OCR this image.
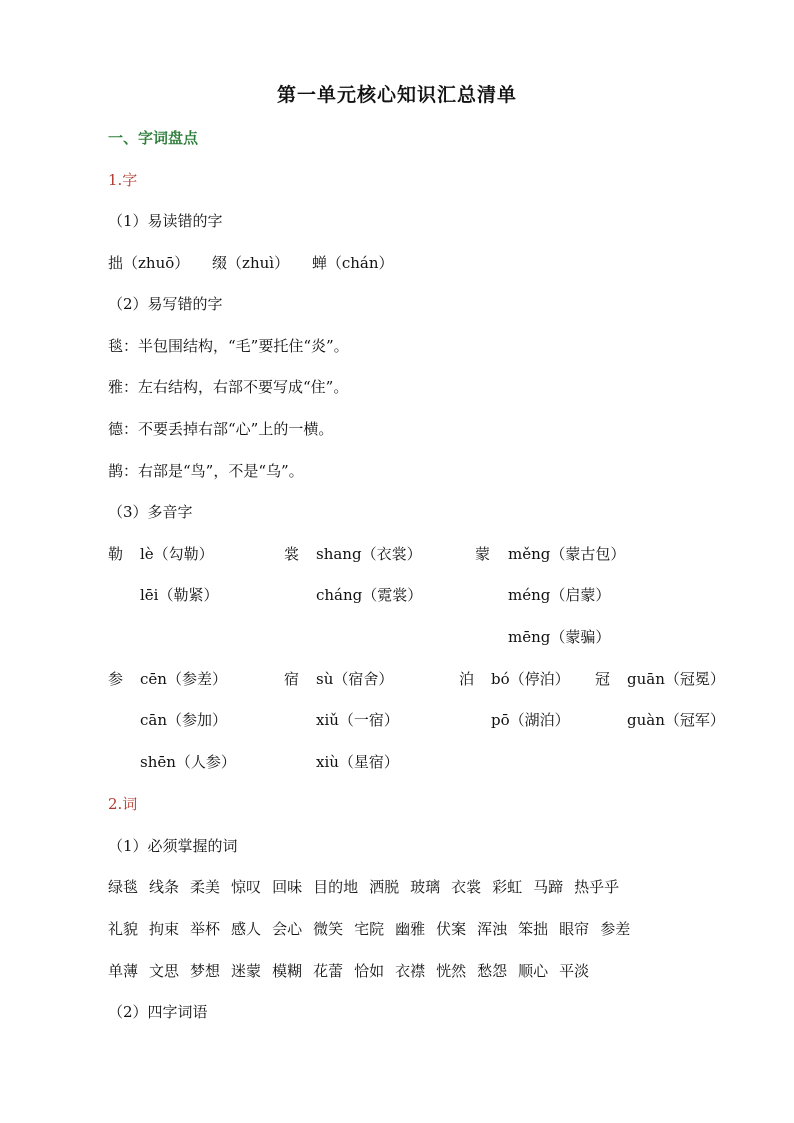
第一单元核心知识汇总清单
一、字词盘点
1.字
（1）易读错的字
拙（zhuō） 缀（zhuì） 蝉（chán）
（2）易写错的字
毯：半包围结构，“毛”要托住“炎”。
雅：左右结构，右部不要写成“住”。
德：不要丢掉右部“心”上的一横。
鹊：右部是“鸟”，不是“乌”。
（3）多音字
勒 lè（勾勒）
lēi（勒紧）
裳 shang（衣裳）
cháng（霓裳）
蒙 měng（蒙古包）
méng（启蒙）
mēng（蒙骗）
参 cēn（参差）
cān（参加）
shēn（人参）
宿 sù（宿舍）
xiǔ（一宿）
xiù（星宿）
泊 bó（停泊）
pō（湖泊）
冠 guān（冠冕）
guàn（冠军）
2.词
（1）必须掌握的词
绿毯 线条 柔美 惊叹 回味 目的地 洒脱 玻璃 衣裳 彩虹 马蹄 热乎乎
礼貌 拘束 举杯 感人 会心 微笑 宅院 幽雅 伏案 浑浊 笨拙 眼帘 参差
单薄 文思 梦想 迷蒙 模糊 花蕾 恰如 衣襟 恍然 愁怨 顺心 平淡
（2）四字词语
